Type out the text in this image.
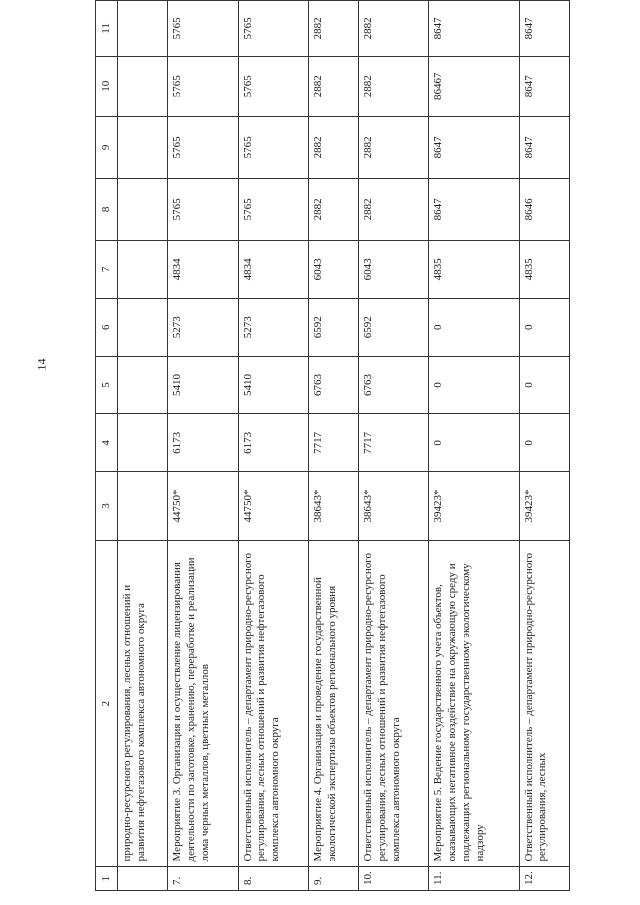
14
1	2	3	4	5	6	7	8	9	10	11
	природно-ресурсного регулирования, лесных отношений и развития нефтегазового комплекса автономного округа									
7.	Мероприятие 3. Организация и осуществление лицензирования деятельности по заготовке, хранению, переработке и реализации лома черных металлов, цветных металлов	44750*	6173	5410	5273	4834	5765	5765	5765	5765
8.	Ответственный исполнитель – департамент природно-ресурсного регулирования, лесных отношений и развития нефтегазового комплекса автономного округа	44750*	6173	5410	5273	4834	5765	5765	5765	5765
9.	Мероприятие 4. Организация и проведение государственной экологической экспертизы объектов регионального уровня	38643*	7717	6763	6592	6043	2882	2882	2882	2882
10.	Ответственный исполнитель – департамент природно-ресурсного регулирования, лесных отношений и развития нефтегазового комплекса автономного округа	38643*	7717	6763	6592	6043	2882	2882	2882	2882
11.	Мероприятие 5. Ведение государственного учета объектов, оказывающих негативное воздействие на окружающую среду и подлежащих региональному государственному экологическому надзору	39423*	0	0	0	4835	8647	8647	86467	8647
12.	Ответственный исполнитель – департамент природно-ресурсного регулирования, лесных	39423*	0	0	0	4835	8646	8647	8647	8647
